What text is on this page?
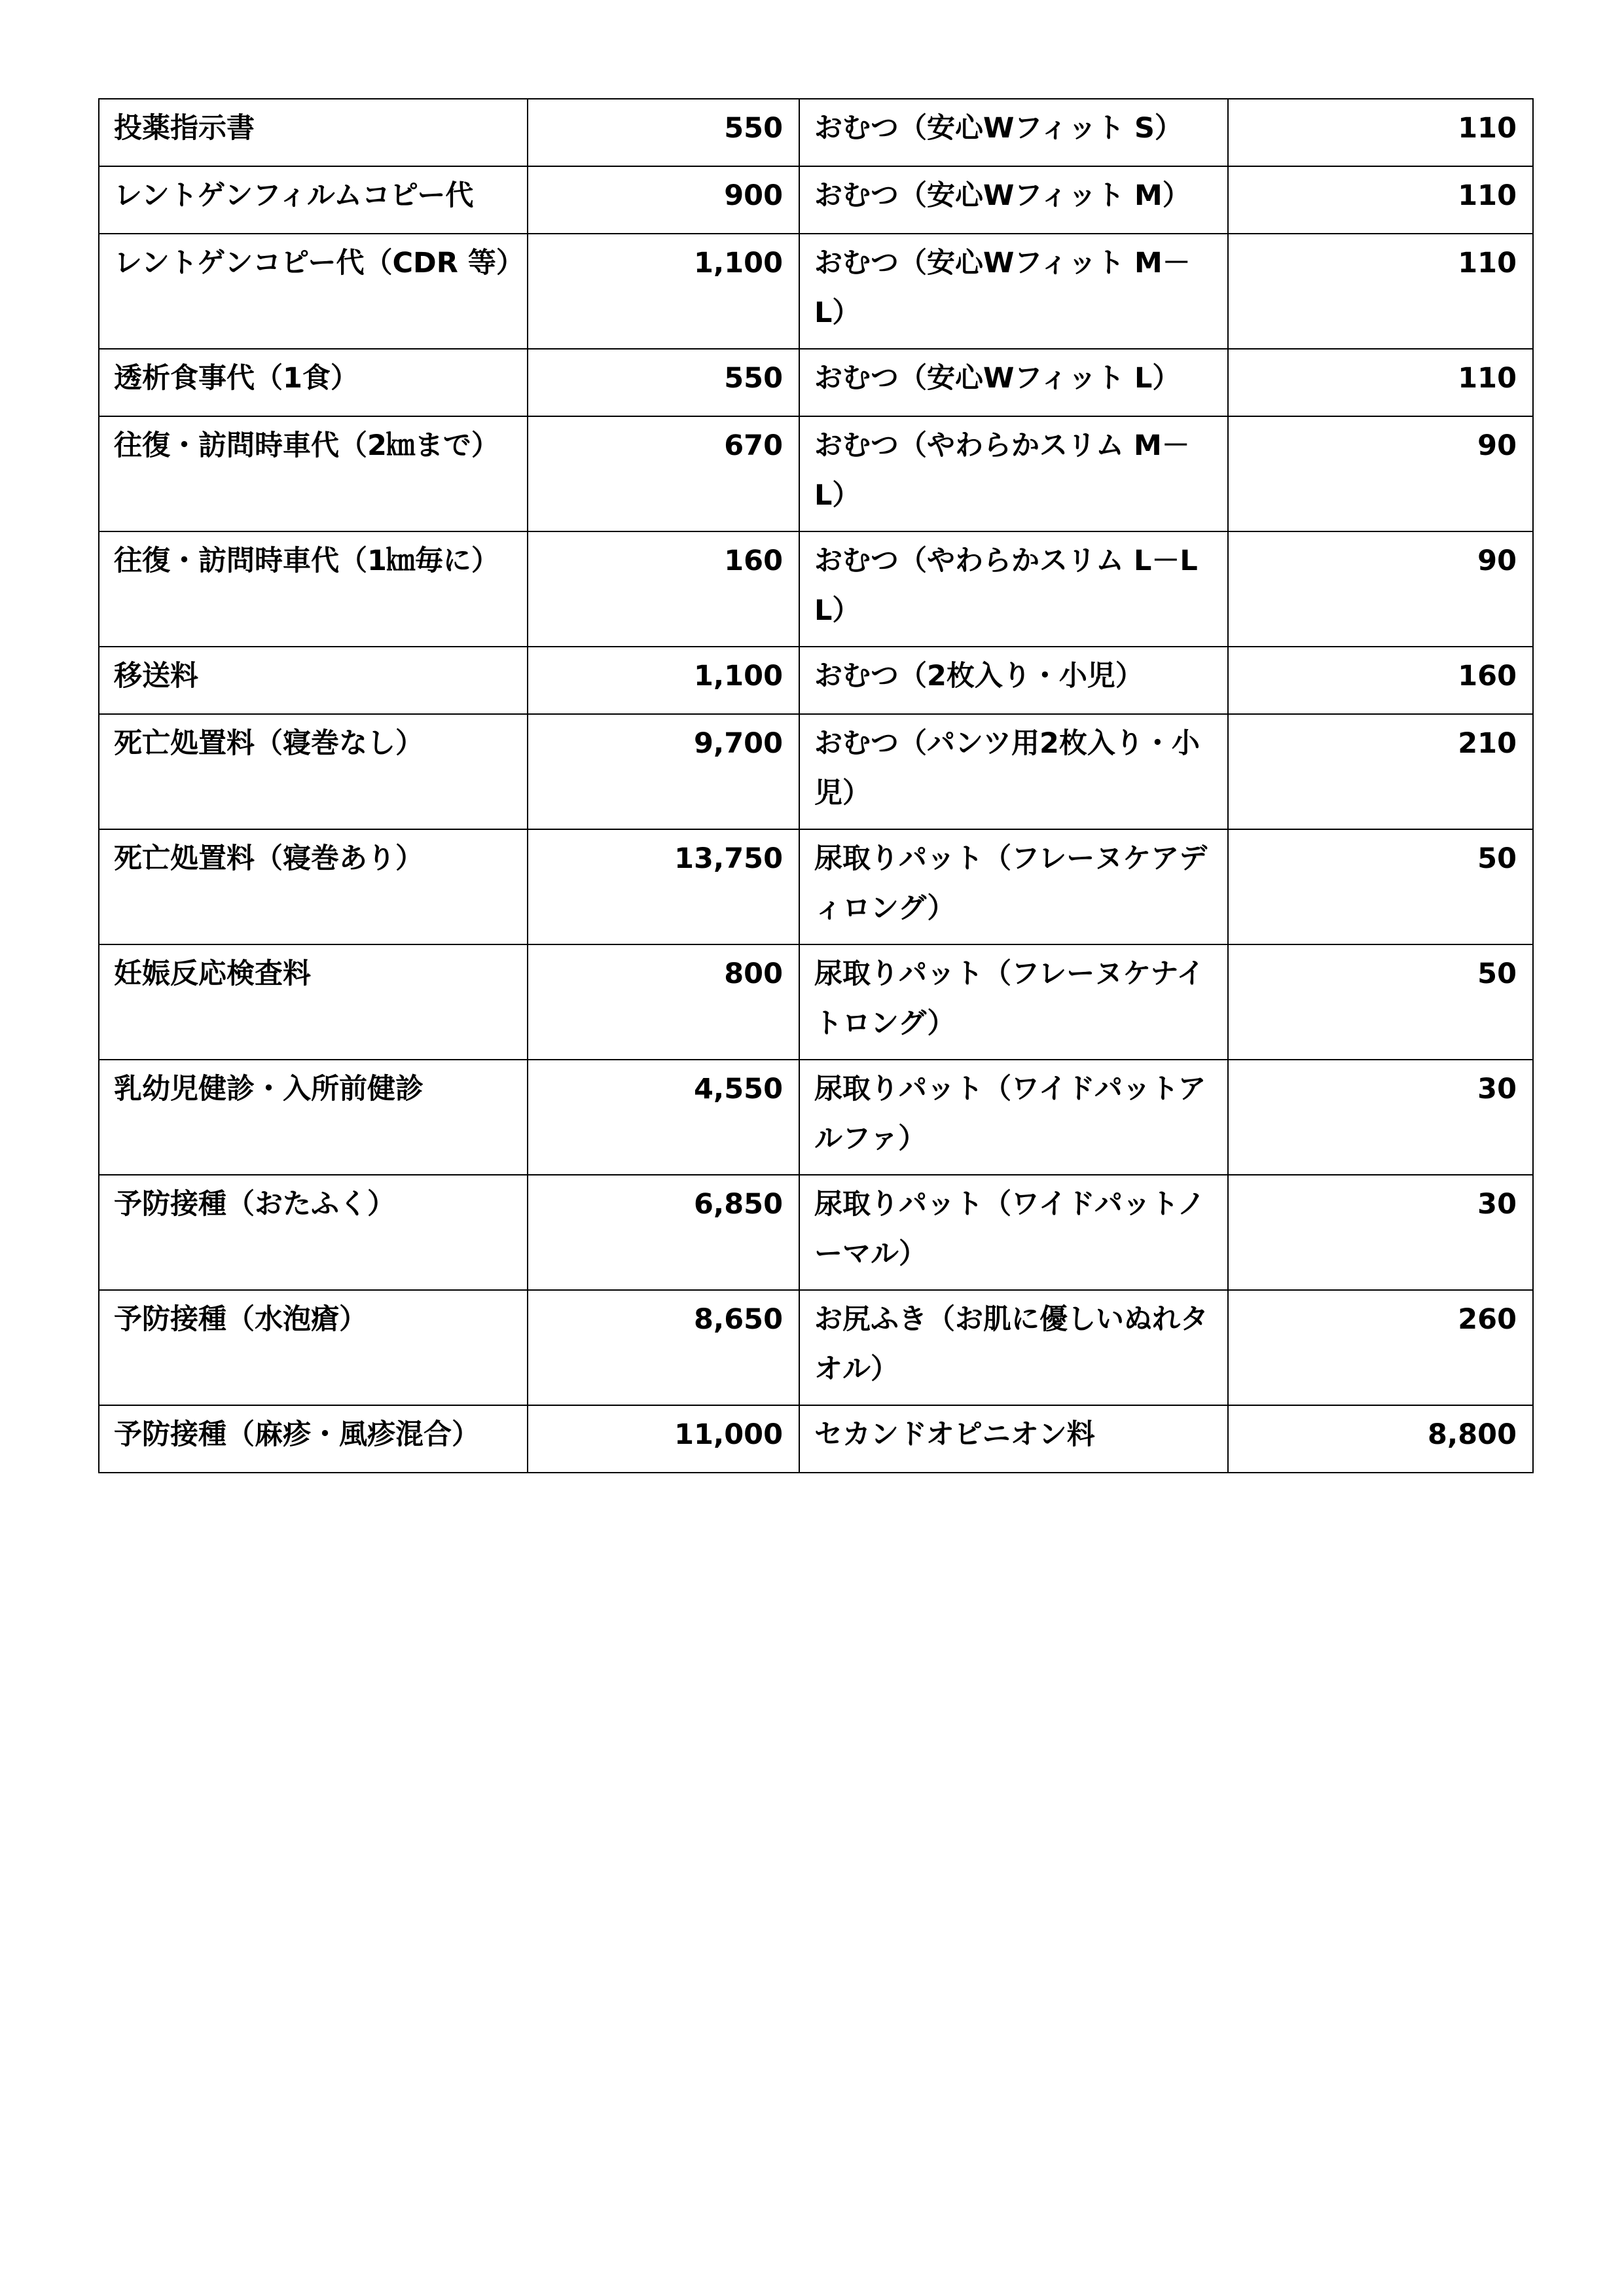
投薬指示書	550	おむつ（安心Wフィット S）	110
レントゲンフィルムコピー代	900	おむつ（安心Wフィット M）	110
レントゲンコピー代（CDR 等）	1,100	おむつ（安心Wフィット M－L）	110
透析食事代（1食）	550	おむつ（安心Wフィット L）	110
往復・訪問時車代（2㎞まで）	670	おむつ（やわらかスリム M－L）	90
往復・訪問時車代（1㎞毎に）	160	おむつ（やわらかスリム L－LL）	90
移送料	1,100	おむつ（2枚入り・小児）	160
死亡処置料（寝巻なし）	9,700	おむつ（パンツ用2枚入り・小児）	210
死亡処置料（寝巻あり）	13,750	尿取りパット（フレーヌケアディロング）	50
妊娠反応検査料	800	尿取りパット（フレーヌケナイトロング）	50
乳幼児健診・入所前健診	4,550	尿取りパット（ワイドパットアルファ）	30
予防接種（おたふく）	6,850	尿取りパット（ワイドパットノーマル）	30
予防接種（水泡瘡）	8,650	お尻ふき（お肌に優しいぬれタオル）	260
予防接種（麻疹・風疹混合）	11,000	セカンドオピニオン料	8,800
